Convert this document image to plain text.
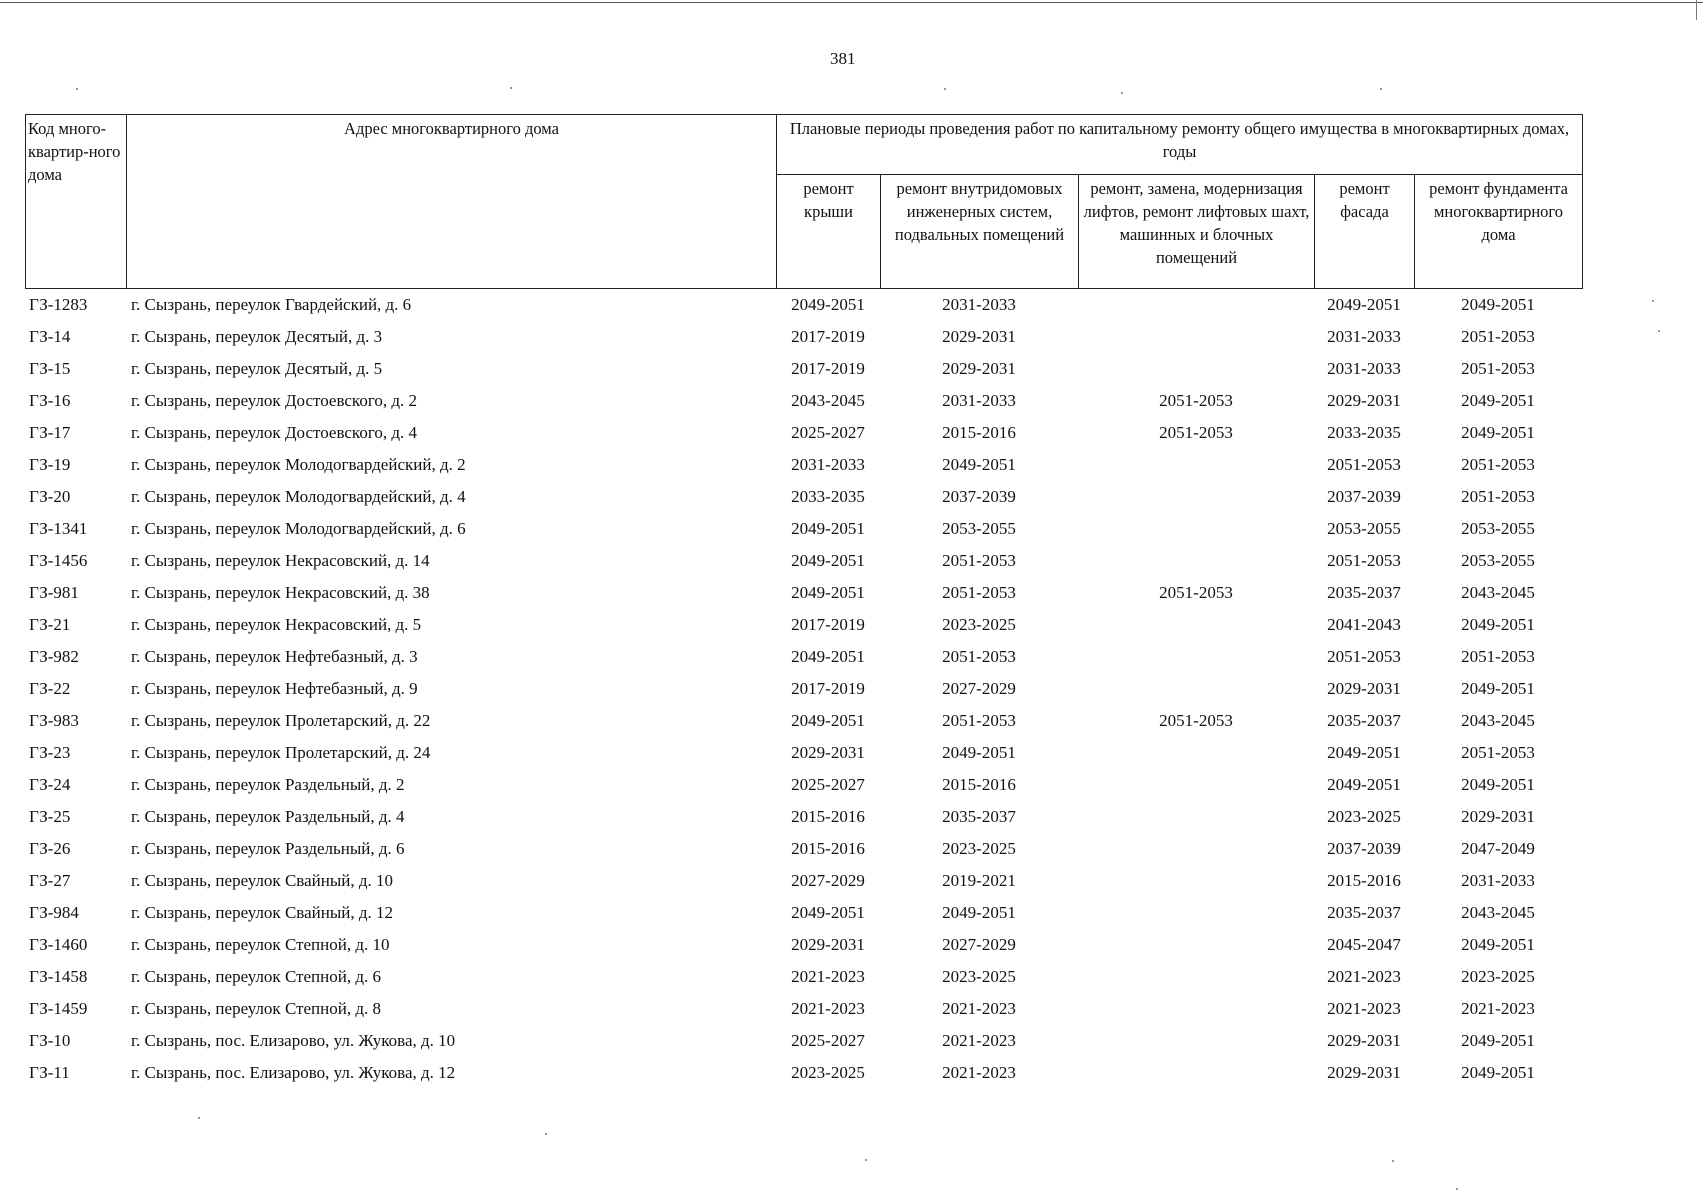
381
Код много-квартир-ного дома	Адрес многоквартирного дома	Плановые периоды проведения работ по капитальному ремонту общего имущества в многоквартирных домах, годы				
		ремонт крыши	ремонт внутридомовых инженерных систем, подвальных помещений	ремонт, замена, модернизация лифтов, ремонт лифтовых шахт, машинных и блочных помещений	ремонт фасада	ремонт фундамента многоквартирного дома
ГЗ-1283	г. Сызрань, переулок Гвардейский, д. 6	2049-2051	2031-2033		2049-2051	2049-2051
ГЗ-14	г. Сызрань, переулок Десятый, д. 3	2017-2019	2029-2031		2031-2033	2051-2053
ГЗ-15	г. Сызрань, переулок Десятый, д. 5	2017-2019	2029-2031		2031-2033	2051-2053
ГЗ-16	г. Сызрань, переулок Достоевского, д. 2	2043-2045	2031-2033	2051-2053	2029-2031	2049-2051
ГЗ-17	г. Сызрань, переулок Достоевского, д. 4	2025-2027	2015-2016	2051-2053	2033-2035	2049-2051
ГЗ-19	г. Сызрань, переулок Молодогвардейский, д. 2	2031-2033	2049-2051		2051-2053	2051-2053
ГЗ-20	г. Сызрань, переулок Молодогвардейский, д. 4	2033-2035	2037-2039		2037-2039	2051-2053
ГЗ-1341	г. Сызрань, переулок Молодогвардейский, д. 6	2049-2051	2053-2055		2053-2055	2053-2055
ГЗ-1456	г. Сызрань, переулок Некрасовский, д. 14	2049-2051	2051-2053		2051-2053	2053-2055
ГЗ-981	г. Сызрань, переулок Некрасовский, д. 38	2049-2051	2051-2053	2051-2053	2035-2037	2043-2045
ГЗ-21	г. Сызрань, переулок Некрасовский, д. 5	2017-2019	2023-2025		2041-2043	2049-2051
ГЗ-982	г. Сызрань, переулок Нефтебазный, д. 3	2049-2051	2051-2053		2051-2053	2051-2053
ГЗ-22	г. Сызрань, переулок Нефтебазный, д. 9	2017-2019	2027-2029		2029-2031	2049-2051
ГЗ-983	г. Сызрань, переулок Пролетарский, д. 22	2049-2051	2051-2053	2051-2053	2035-2037	2043-2045
ГЗ-23	г. Сызрань, переулок Пролетарский, д. 24	2029-2031	2049-2051		2049-2051	2051-2053
ГЗ-24	г. Сызрань, переулок Раздельный, д. 2	2025-2027	2015-2016		2049-2051	2049-2051
ГЗ-25	г. Сызрань, переулок Раздельный, д. 4	2015-2016	2035-2037		2023-2025	2029-2031
ГЗ-26	г. Сызрань, переулок Раздельный, д. 6	2015-2016	2023-2025		2037-2039	2047-2049
ГЗ-27	г. Сызрань, переулок Свайный, д. 10	2027-2029	2019-2021		2015-2016	2031-2033
ГЗ-984	г. Сызрань, переулок Свайный, д. 12	2049-2051	2049-2051		2035-2037	2043-2045
ГЗ-1460	г. Сызрань, переулок Степной, д. 10	2029-2031	2027-2029		2045-2047	2049-2051
ГЗ-1458	г. Сызрань, переулок Степной, д. 6	2021-2023	2023-2025		2021-2023	2023-2025
ГЗ-1459	г. Сызрань, переулок Степной, д. 8	2021-2023	2021-2023		2021-2023	2021-2023
ГЗ-10	г. Сызрань, пос. Елизарово, ул. Жукова, д. 10	2025-2027	2021-2023		2029-2031	2049-2051
ГЗ-11	г. Сызрань, пос. Елизарово, ул. Жукова, д. 12	2023-2025	2021-2023		2029-2031	2049-2051
